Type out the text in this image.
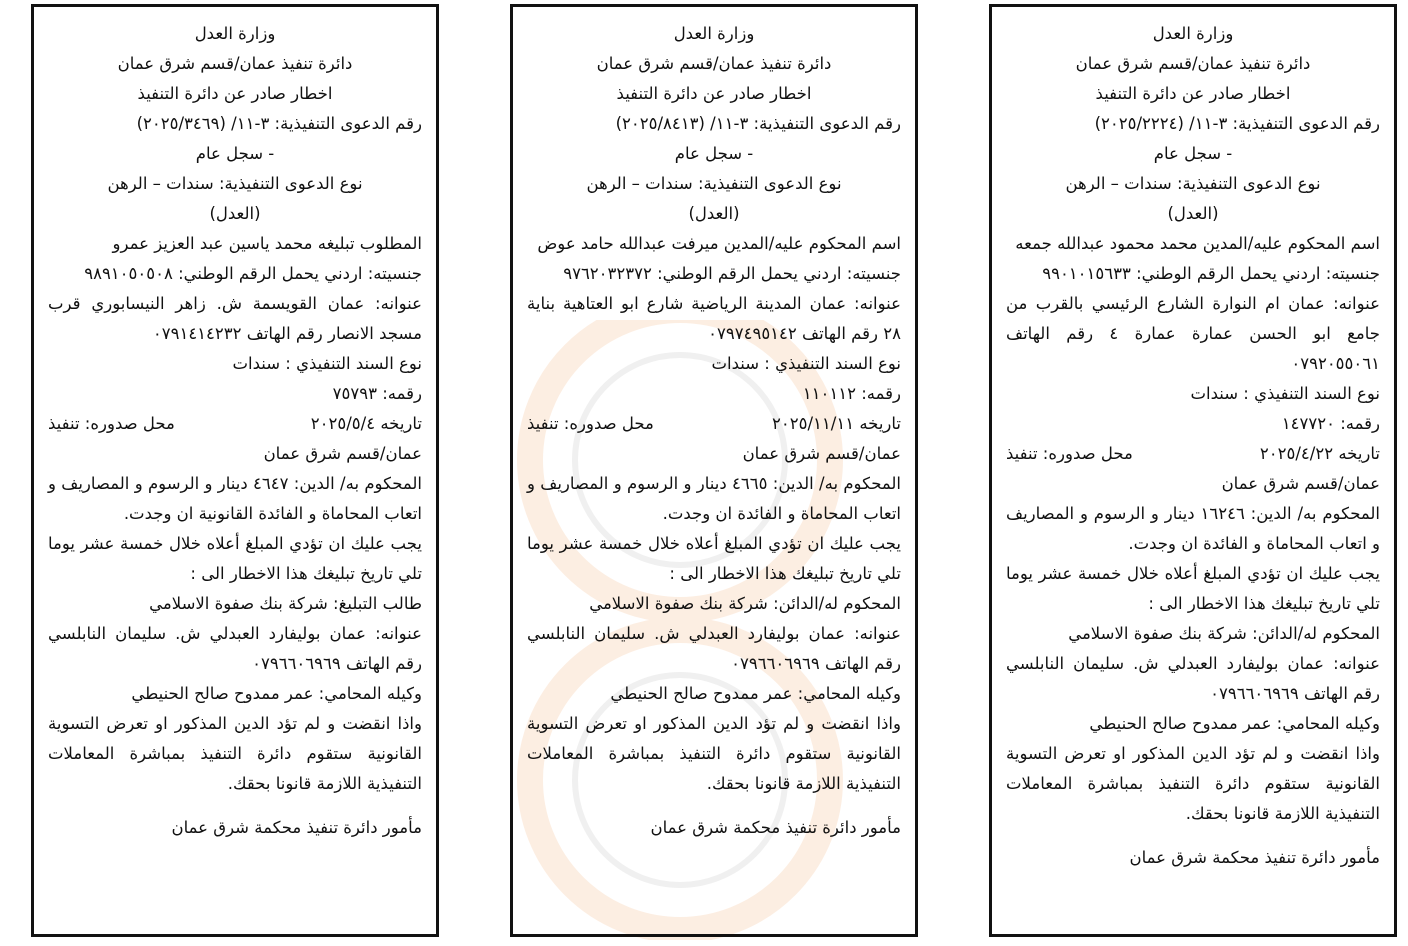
وزارة العدل

دائرة تنفيذ عمان/قسم شرق عمان

اخطار صادر عن دائرة التنفيذ

رقم الدعوى التنفيذية: ٣-١١/ (٢٠٢٥/٢٢٢٤)

- سجل عام

نوع الدعوى التنفيذية: سندات – الرهن

(العدل)

اسم المحكوم عليه/المدين محمد محمود عبدالله جمعه

جنسيته: اردني يحمل الرقم الوطني: ٩٩٠١٠١٥٦٣٣

عنوانه: عمان ام النوارة الشارع الرئيسي بالقرب من جامع ابو الحسن عمارة عمارة ٤ رقم الهاتف ٠٧٩٢٠٥٥٠٦١

نوع السند التنفيذي : سندات

رقمه: ١٤٧٧٢٠

تاريخه ٢٠٢٥/٤/٢٢
محل صدوره: تنفيذ

عمان/قسم شرق عمان

المحكوم به/ الدين: ١٦٢٤٦ دينار و الرسوم و المصاريف و اتعاب المحاماة و الفائدة ان وجدت.

يجب عليك ان تؤدي المبلغ أعلاه خلال خمسة عشر يوما تلي تاريخ تبليغك هذا الاخطار الى :

المحكوم له/الدائن: شركة بنك صفوة الاسلامي

عنوانه: عمان بوليفارد العبدلي ش. سليمان النابلسي رقم الهاتف ٠٧٩٦٦٠٦٩٦٩

وكيله المحامي: عمر ممدوح صالح الحنيطي

واذا انقضت و لم تؤد الدين المذكور او تعرض التسوية القانونية ستقوم دائرة التنفيذ بمباشرة المعاملات التنفيذية اللازمة قانونا بحقك.

مأمور دائرة تنفيذ محكمة شرق عمان

وزارة العدل

دائرة تنفيذ عمان/قسم شرق عمان

اخطار صادر عن دائرة التنفيذ

رقم الدعوى التنفيذية: ٣-١١/ (٢٠٢٥/٨٤١٣)

- سجل عام

نوع الدعوى التنفيذية: سندات – الرهن

(العدل)

اسم المحكوم عليه/المدين ميرفت عبدالله حامد عوض

جنسيته: اردني يحمل الرقم الوطني: ٩٧٦٢٠٣٢٣٧٢

عنوانه: عمان المدينة الرياضية شارع ابو العتاهية بناية ٢٨ رقم الهاتف ٠٧٩٧٤٩٥١٤٢

نوع السند التنفيذي : سندات

رقمه: ١١٠١١٢

تاريخه ٢٠٢٥/١١/١١
محل صدوره: تنفيذ

عمان/قسم شرق عمان

المحكوم به/ الدين: ٤٦٦٥ دينار و الرسوم و المصاريف و اتعاب المحاماة و الفائدة ان وجدت.

يجب عليك ان تؤدي المبلغ أعلاه خلال خمسة عشر يوما تلي تاريخ تبليغك هذا الاخطار الى :

المحكوم له/الدائن: شركة بنك صفوة الاسلامي

عنوانه: عمان بوليفارد العبدلي ش. سليمان النابلسي رقم الهاتف ٠٧٩٦٦٠٦٩٦٩

وكيله المحامي: عمر ممدوح صالح الحنيطي

واذا انقضت و لم تؤد الدين المذكور او تعرض التسوية القانونية ستقوم دائرة التنفيذ بمباشرة المعاملات التنفيذية اللازمة قانونا بحقك.

مأمور دائرة تنفيذ محكمة شرق عمان

وزارة العدل

دائرة تنفيذ عمان/قسم شرق عمان

اخطار صادر عن دائرة التنفيذ

رقم الدعوى التنفيذية: ٣-١١/ (٢٠٢٥/٣٤٦٩)

- سجل عام

نوع الدعوى التنفيذية: سندات – الرهن

(العدل)

المطلوب تبليغه محمد ياسين عبد العزيز عمرو

جنسيته: اردني يحمل الرقم الوطني: ٩٨٩١٠٥٠٥٠٨

عنوانه: عمان القويسمة ش. زاهر النيسابوري قرب مسجد الانصار رقم الهاتف ٠٧٩١٤١٤٢٣٢

نوع السند التنفيذي : سندات

رقمه: ٧٥٧٩٣

تاريخه ٢٠٢٥/٥/٤
محل صدوره: تنفيذ

عمان/قسم شرق عمان

المحكوم به/ الدين: ٤٦٤٧ دينار و الرسوم و المصاريف و اتعاب المحاماة و الفائدة القانونية ان وجدت.

يجب عليك ان تؤدي المبلغ أعلاه خلال خمسة عشر يوما تلي تاريخ تبليغك هذا الاخطار الى :

طالب التبليغ: شركة بنك صفوة الاسلامي

عنوانه: عمان بوليفارد العبدلي ش. سليمان النابلسي رقم الهاتف ٠٧٩٦٦٠٦٩٦٩

وكيله المحامي: عمر ممدوح صالح الحنيطي

واذا انقضت و لم تؤد الدين المذكور او تعرض التسوية القانونية ستقوم دائرة التنفيذ بمباشرة المعاملات التنفيذية اللازمة قانونا بحقك.

مأمور دائرة تنفيذ محكمة شرق عمان
